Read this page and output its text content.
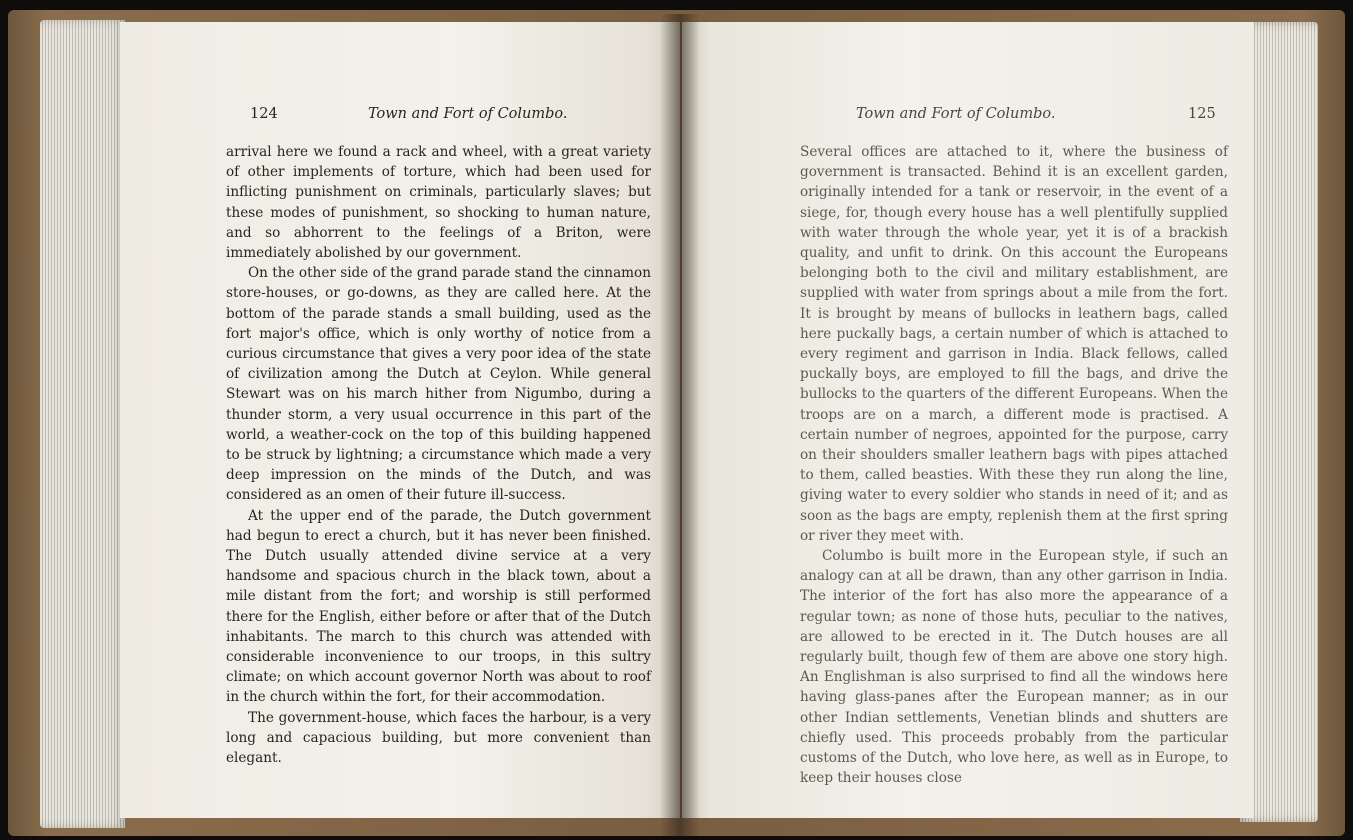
124	Town and Fort of Columbo.

arrival here we found a rack and wheel, with a great variety of other implements of torture, which had been used for inflicting punishment on criminals, particularly slaves; but these modes of punishment, so shocking to human nature, and so abhorrent to the feelings of a Briton, were immediately abolished by our government.

On the other side of the grand parade stand the cinnamon store-houses, or go-downs, as they are called here. At the bottom of the parade stands a small building, used as the fort major's office, which is only worthy of notice from a curious circumstance that gives a very poor idea of the state of civilization among the Dutch at Ceylon. While general Stewart was on his march hither from Nigumbo, during a thunder storm, a very usual occurrence in this part of the world, a weather-cock on the top of this building happened to be struck by lightning; a circumstance which made a very deep impression on the minds of the Dutch, and was considered as an omen of their future ill-success.

At the upper end of the parade, the Dutch government had begun to erect a church, but it has never been finished. The Dutch usually attended divine service at a very handsome and spacious church in the black town, about a mile distant from the fort; and worship is still performed there for the English, either before or after that of the Dutch inhabitants. The march to this church was attended with considerable inconvenience to our troops, in this sultry climate; on which account governor North was about to roof in the church within the fort, for their accommodation.

The government-house, which faces the harbour, is a very long and capacious building, but more convenient than elegant.

Town and Fort of Columbo.	125

Several offices are attached to it, where the business of government is transacted. Behind it is an excellent garden, originally intended for a tank or reservoir, in the event of a siege, for, though every house has a well plentifully supplied with water through the whole year, yet it is of a brackish quality, and unfit to drink. On this account the Europeans belonging both to the civil and military establishment, are supplied with water from springs about a mile from the fort. It is brought by means of bullocks in leathern bags, called here puckally bags, a certain number of which is attached to every regiment and garrison in India. Black fellows, called puckally boys, are employed to fill the bags, and drive the bullocks to the quarters of the different Europeans. When the troops are on a march, a different mode is practised. A certain number of negroes, appointed for the purpose, carry on their shoulders smaller leathern bags with pipes attached to them, called beasties. With these they run along the line, giving water to every soldier who stands in need of it; and as soon as the bags are empty, replenish them at the first spring or river they meet with.

Columbo is built more in the European style, if such an analogy can at all be drawn, than any other garrison in India. The interior of the fort has also more the appearance of a regular town; as none of those huts, peculiar to the natives, are allowed to be erected in it. The Dutch houses are all regularly built, though few of them are above one story high. An Englishman is also surprised to find all the windows here having glass-panes after the European manner; as in our other Indian settlements, Venetian blinds and shutters are chiefly used. This proceeds probably from the particular customs of the Dutch, who love here, as well as in Europe, to keep their houses close
